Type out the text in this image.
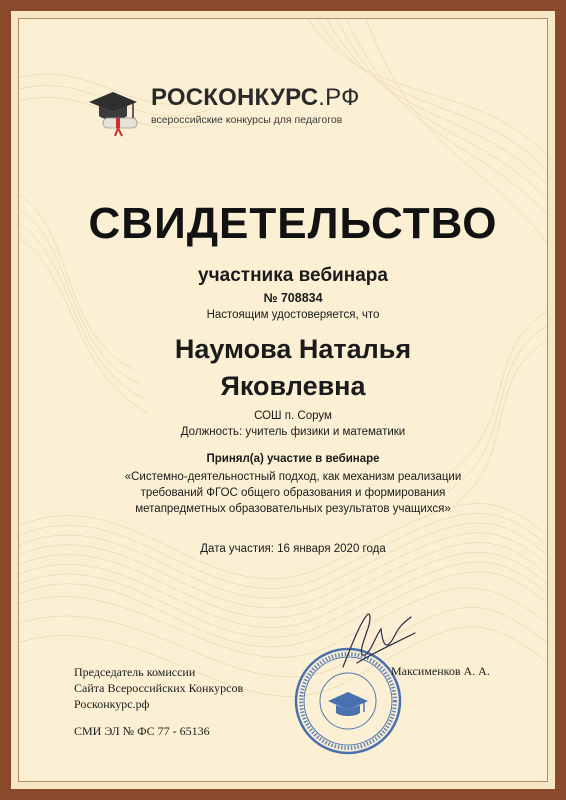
РОСКОНКУРС.РФ
всероссийские конкурсы для педагогов
СВИДЕТЕЛЬСТВО
участника вебинара
№ 708834
Настоящим удостоверяется, что
Наумова Наталья
Яковлевна
СОШ п. Сорум
Должность: учитель физики и математики
Принял(а) участие в вебинаре
«Системно-деятельностный подход, как механизм реализации
требований ФГОС общего образования и формирования
метапредметных образовательных результатов учащихся»
Дата участия: 16 января 2020 года
Председатель комиссии
Сайта Всероссийских Конкурсов
Росконкурс.рф
Максименков А. А.
СМИ ЭЛ № ФС 77 - 65136
